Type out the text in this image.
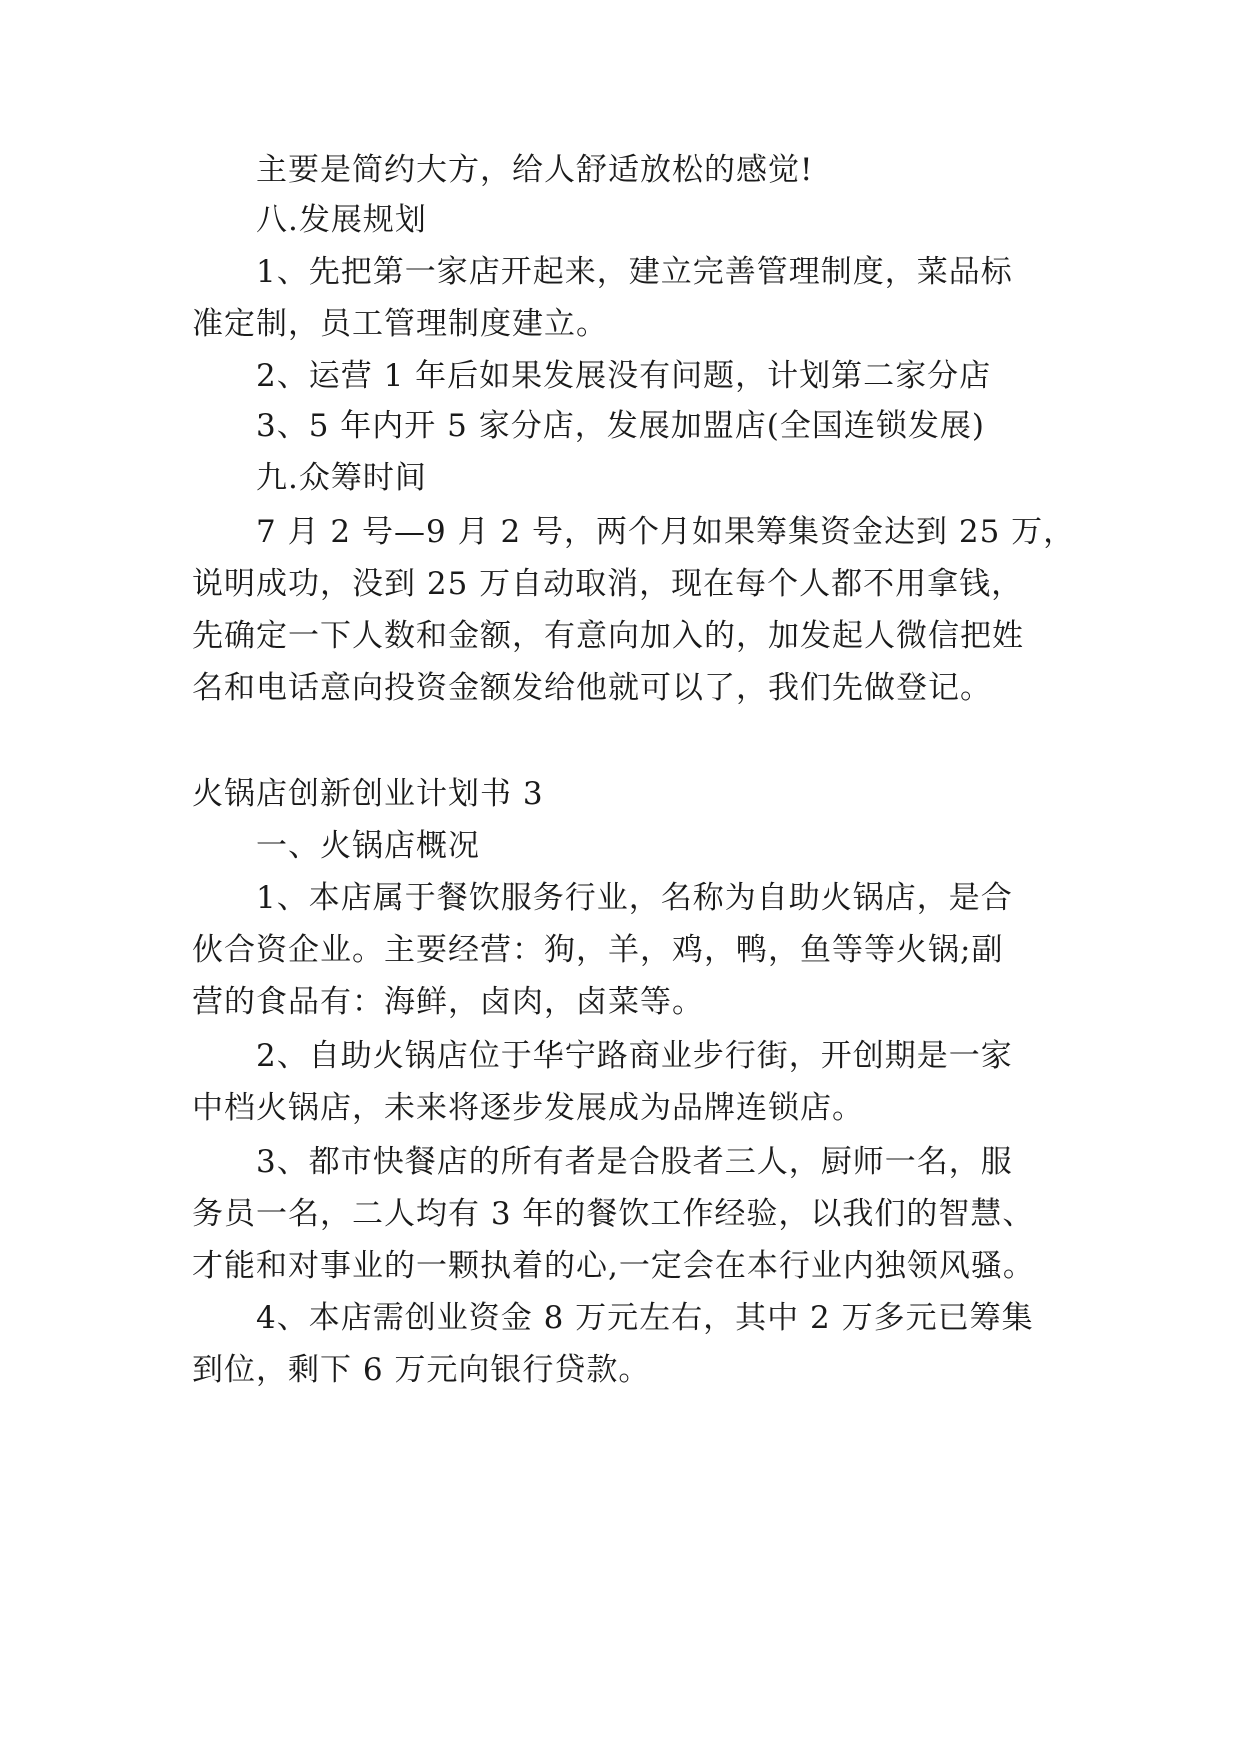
主要是简约大方，给人舒适放松的感觉!
八.发展规划
1、先把第一家店开起来，建立完善管理制度，菜品标
准定制，员工管理制度建立。
2、运营 1 年后如果发展没有问题，计划第二家分店
3、5 年内开 5 家分店，发展加盟店(全国连锁发展)
九.众筹时间
7 月 2 号—9 月 2 号，两个月如果筹集资金达到 25 万，
说明成功，没到 25 万自动取消，现在每个人都不用拿钱，
先确定一下人数和金额，有意向加入的，加发起人微信把姓
名和电话意向投资金额发给他就可以了，我们先做登记。
火锅店创新创业计划书 3
一、火锅店概况
1、本店属于餐饮服务行业，名称为自助火锅店，是合
伙合资企业。主要经营：狗，羊，鸡，鸭，鱼等等火锅;副
营的食品有：海鲜，卤肉，卤菜等。
2、自助火锅店位于华宁路商业步行街，开创期是一家
中档火锅店，未来将逐步发展成为品牌连锁店。
3、都市快餐店的所有者是合股者三人，厨师一名，服
务员一名，二人均有 3 年的餐饮工作经验，以我们的智慧、
才能和对事业的一颗执着的心,一定会在本行业内独领风骚。
4、本店需创业资金 8 万元左右，其中 2 万多元已筹集
到位，剩下 6 万元向银行贷款。
